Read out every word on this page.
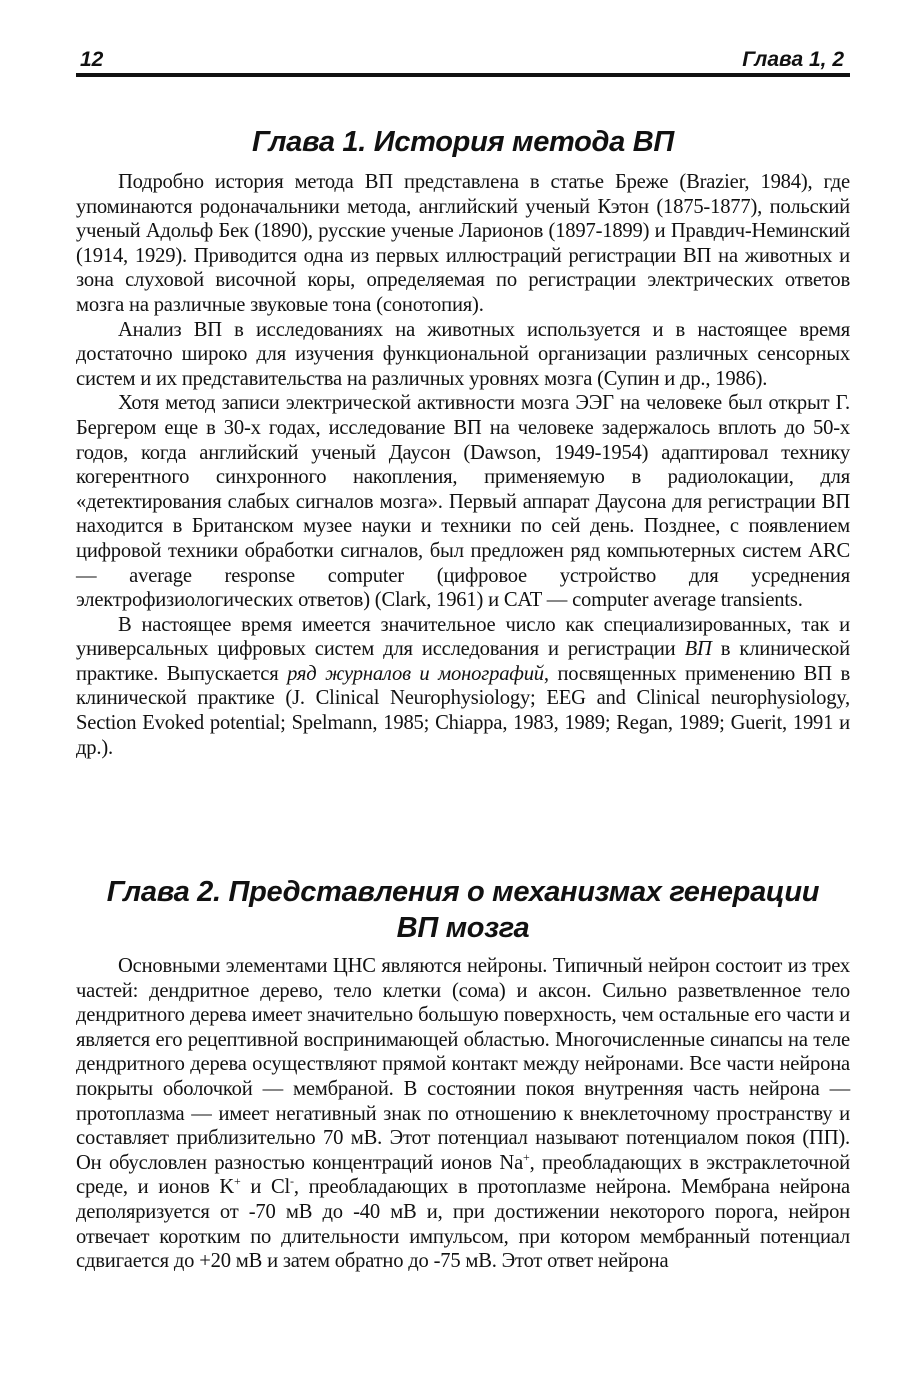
12	Глава 1, 2
Глава 1. История метода ВП

Подробно история метода ВП представлена в статье Бреже (Brazier, 1984), где упоминаются родоначальники метода, английский ученый Кэтон (1875-1877), польский ученый Адольф Бек (1890), русские ученые Ларионов (1897-1899) и Правдич-Неминский (1914, 1929). Приводится одна из первых иллюстраций регистрации ВП на животных и зона слуховой височной коры, определяемая по регистрации электрических ответов мозга на различные звуковые тона (сонотопия).

Анализ ВП в исследованиях на животных используется и в настоящее время достаточно широко для изучения функциональной организации различных сенсорных систем и их представительства на различных уровнях мозга (Супин и др., 1986).

Хотя метод записи электрической активности мозга ЭЭГ на человеке был открыт Г. Бергером еще в 30-х годах, исследование ВП на человеке задержалось вплоть до 50-х годов, когда английский ученый Даусон (Dawson, 1949-1954) адаптировал технику когерентного синхронного накопления, применяемую в радиолокации, для «детектирования слабых сигналов мозга». Первый аппарат Даусона для регистрации ВП находится в Британском музее науки и техники по сей день. Позднее, с появлением цифровой техники обработки сигналов, был предложен ряд компьютерных систем ARC— average response computer (цифровое устройство для усреднения электрофизиологических ответов) (Clark, 1961) и CAT — computer average transients.

В настоящее время имеется значительное число как специализированных, так и универсальных цифровых систем для исследования и регистрации ВП в клинической практике. Выпускается ряд журналов и монографий, посвященных применению ВП в клинической практике (J. Clinical Neurophysiology; EEG and Clinical neurophysiology, Section Evoked potential; Spelmann, 1985; Chiappa, 1983, 1989; Regan, 1989; Guerit, 1991 и др.).

Глава 2. Представления о механизмах генерации
ВП мозга

Основными элементами ЦНС являются нейроны. Типичный нейрон состоит из трех частей: дендритное дерево, тело клетки (сома) и аксон. Сильно разветвленное тело дендритного дерева имеет значительно большую поверхность, чем остальные его части и является его рецептивной воспринимающей областью. Многочисленные синапсы на теле дендритного дерева осуществляют прямой контакт между нейронами. Все части нейрона покрыты оболочкой — мембраной. В состоянии покоя внутренняя часть нейрона — протоплазма — имеет негативный знак по отношению к внеклеточному пространству и составляет приблизительно 70 мВ. Этот потенциал называют потенциалом покоя (ПП). Он обусловлен разностью концентраций ионов Na+, преобладающих в экстраклеточной среде, и ионов K+ и Cl-, преобладающих в протоплазме нейрона. Мембрана нейрона деполяризуется от -70 мВ до -40 мВ и, при достижении некоторого порога, нейрон отвечает коротким по длительности импульсом, при котором мембранный потенциал сдвигается до +20 мВ и затем обратно до -75 мВ. Этот ответ нейрона
